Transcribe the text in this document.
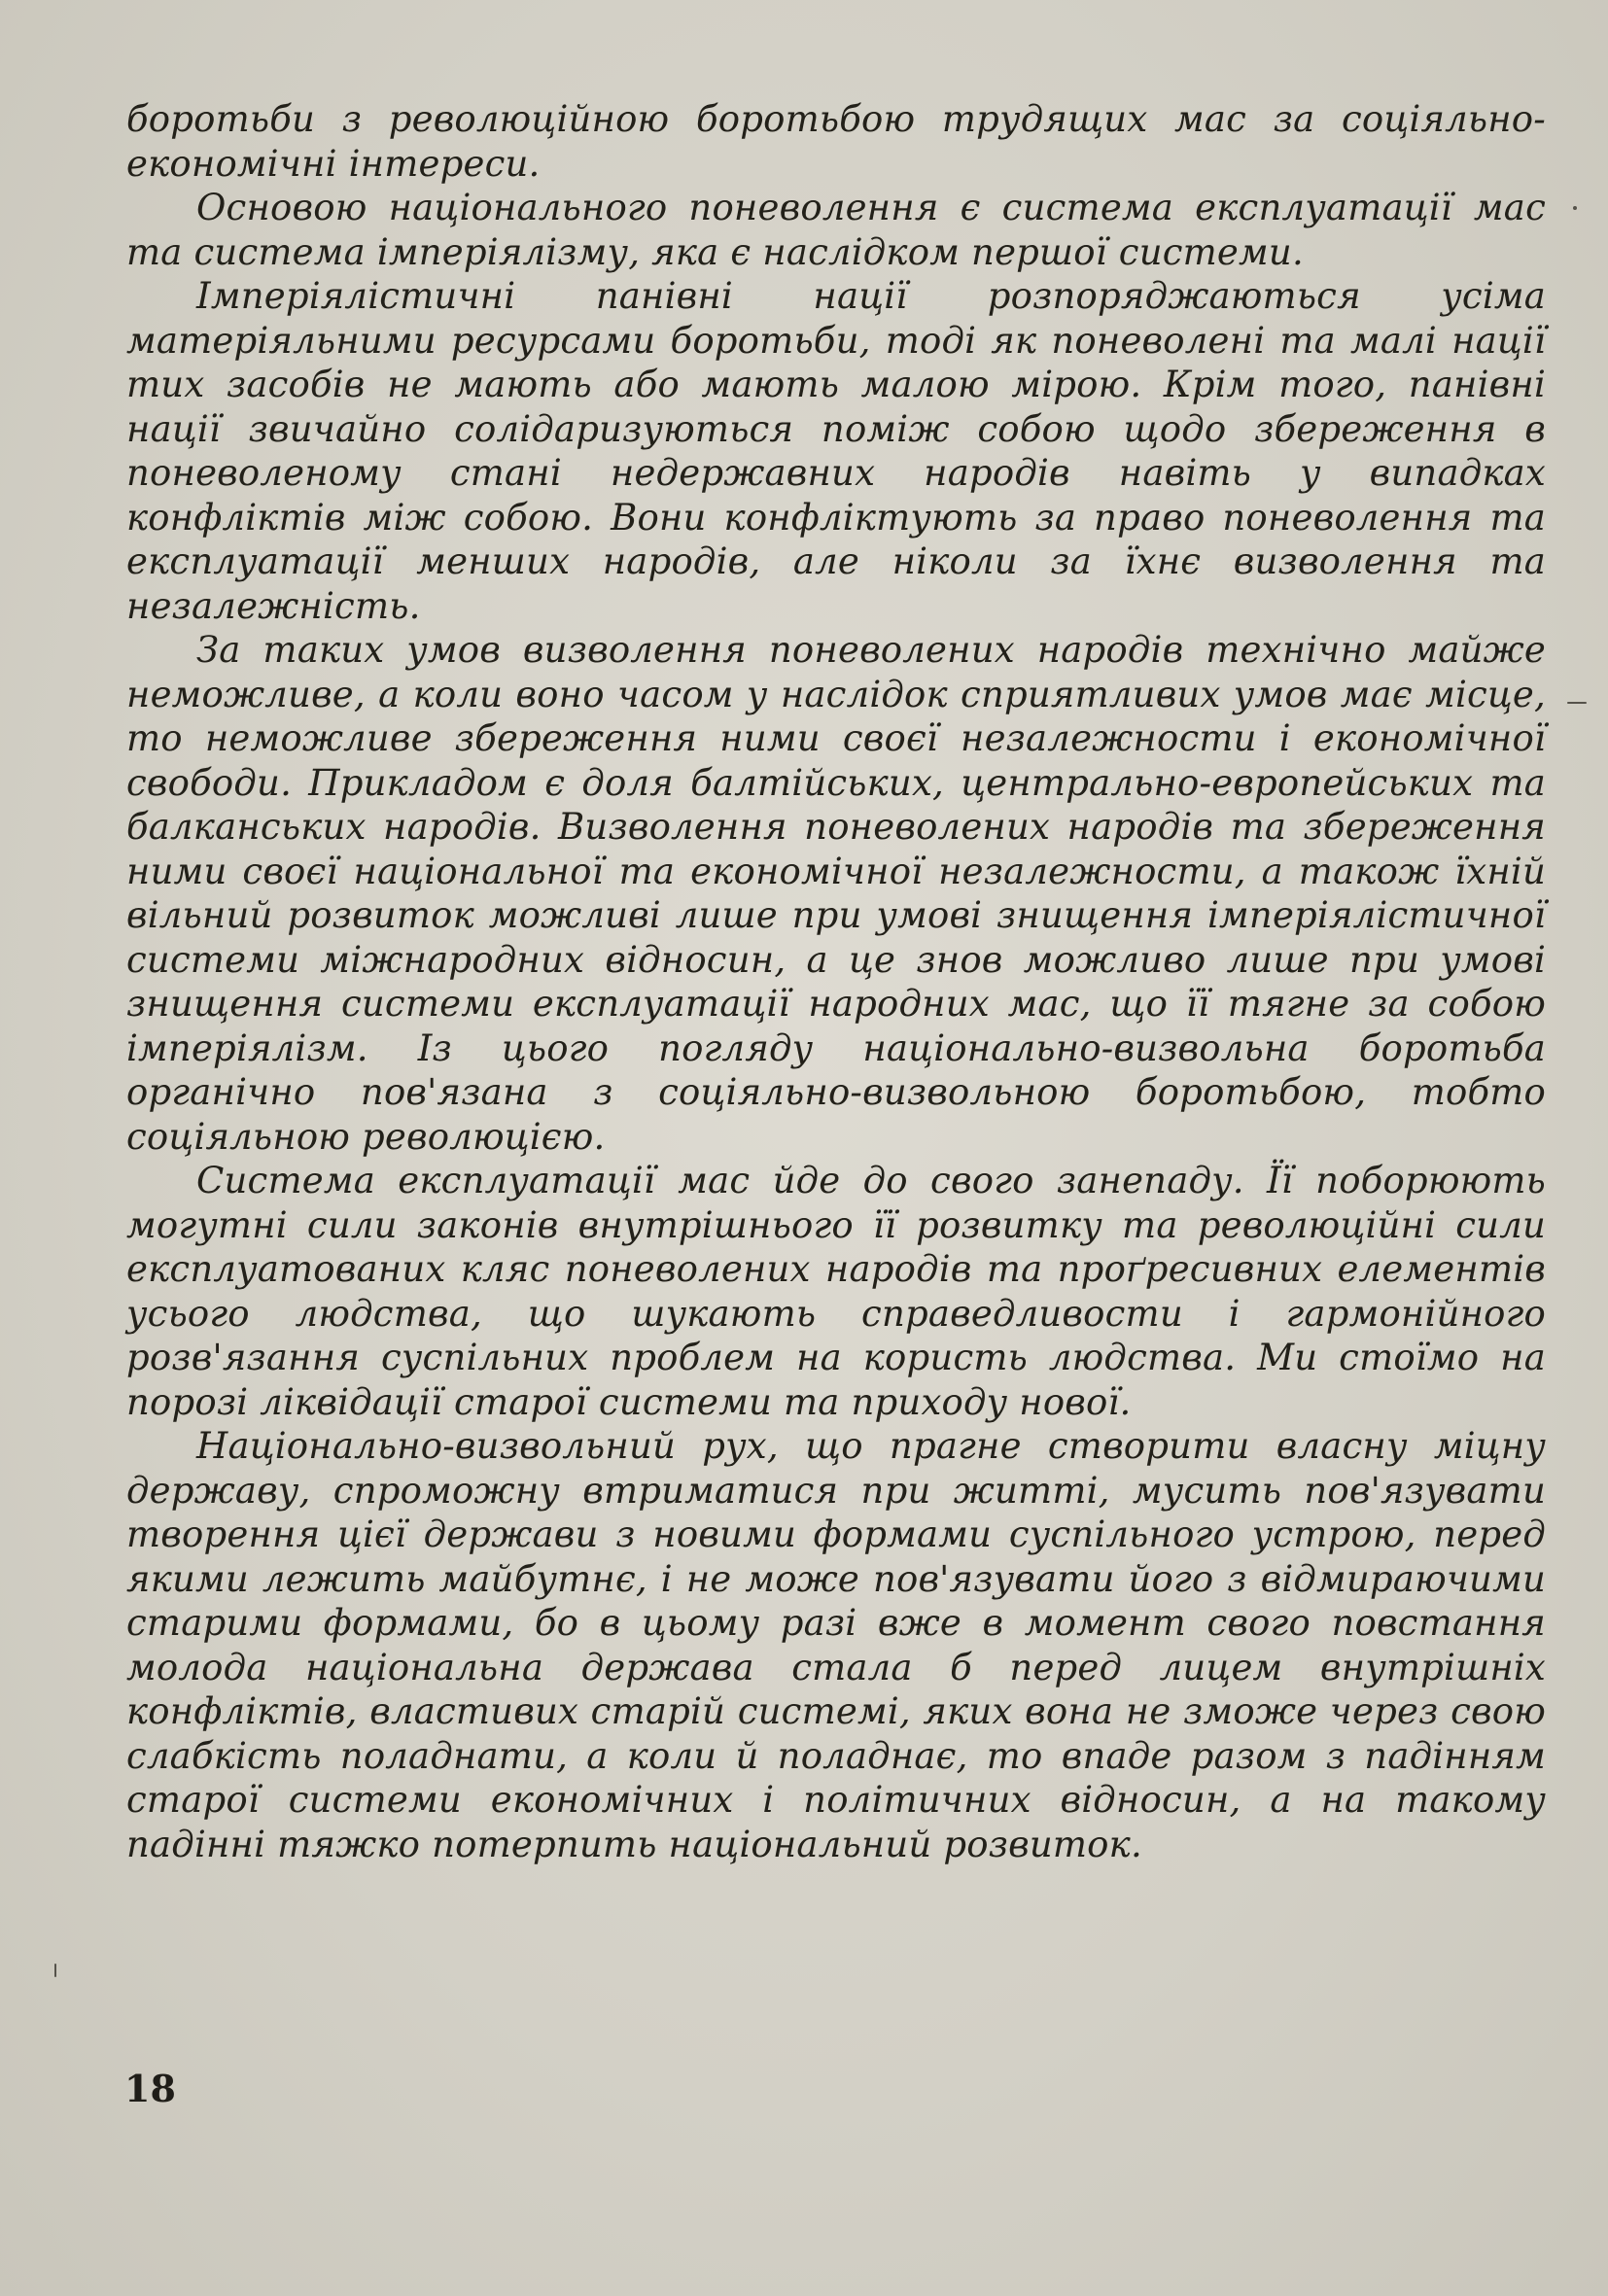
боротьби з революційною боротьбою трудящих мас за соціяльно-економічні інтереси.

Основою національного поневолення є система експлуатації мас та система імперіялізму, яка є наслідком першої системи.

Імперіялістичні панівні нації розпоряджаються усіма матеріяльними ресурсами боротьби, тоді як поневолені та малі нації тих засобів не мають або мають малою мірою. Крім того, панівні нації звичайно солідаризуються поміж собою щодо збереження в поневоленому стані недержавних народів навіть у випадках конфліктів між собою. Вони конфліктують за право поневолення та експлуатації менших народів, але ніколи за їхнє визволення та незалежність.

За таких умов визволення поневолених народів технічно майже неможливе, а коли воно часом у наслідок сприятливих умов має місце, то неможливе збереження ними своєї незалежности і економічної свободи. Прикладом є доля балтійських, центрально-европейських та балканських народів. Визволення поневолених народів та збереження ними своєї національної та економічної незалежности, а також їхній вільний розвиток можливі лише при умові знищення імперіялістичної системи міжнародних відносин, а це знов можливо лише при умові знищення системи експлуатації народних мас, що її тягне за собою імперіялізм. Із цього погляду національно-визвольна боротьба органічно пов'язана з соціяльно-визвольною боротьбою, тобто соціяльною революцією.

Система експлуатації мас йде до свого занепаду. Її поборюють могутні сили законів внутрішнього її розвитку та революційні сили експлуатованих кляс поневолених народів та проґресивних елементів усього людства, що шукають справедливости і гармонійного розв'язання суспільних проблем на користь людства. Ми стоїмо на порозі ліквідації старої системи та приходу нової.

Національно-визвольний рух, що прагне створити власну міцну державу, спроможну втриматися при житті, мусить пов'язувати творення цієї держави з новими формами суспільного устрою, перед якими лежить майбутнє, і не може пов'язувати його з відмираючими старими формами, бо в цьому разі вже в момент свого повстання молода національна держава стала б перед лицем внутрішніх конфліктів, властивих старій системі, яких вона не зможе через свою слабкість поладнати, а коли й поладнає, то впаде разом з падінням старої системи економічних і політичних відносин, а на такому падінні тяжко потерпить національний розвиток.

18
